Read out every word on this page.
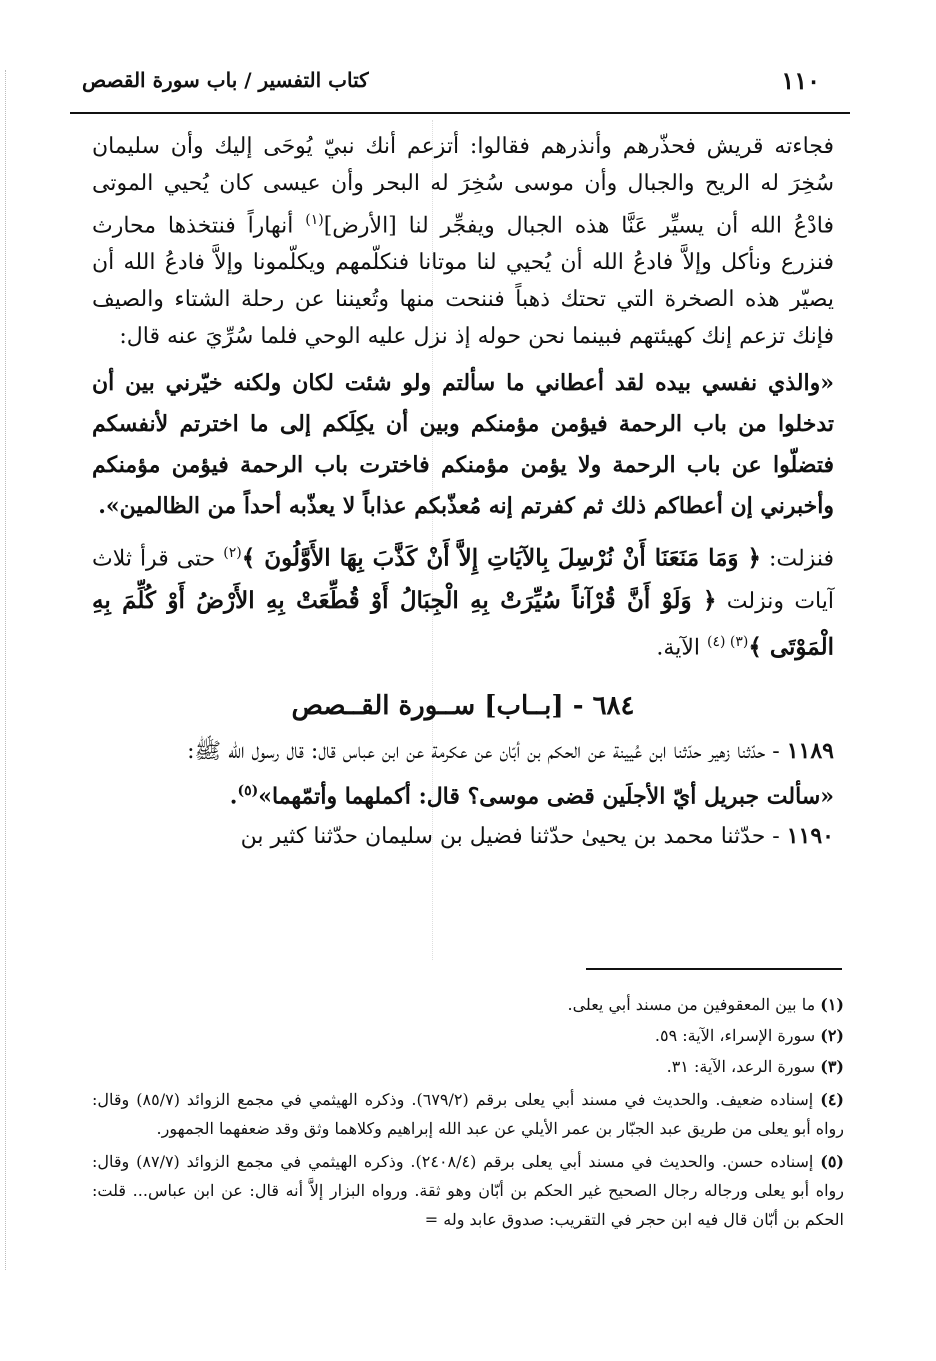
١١٠
كتاب التفسير / باب سورة القصص

فجاءته قريش فحذّرهم وأنذرهم فقالوا: أتزعم أنك نبيّ يُوحَى إليك وأن سليمان سُخِرَ له الريح والجبال وأن موسى سُخِرَ له البحر وأن عيسى كان يُحيي الموتى فادْعُ الله أن يسيِّر عَنَّا هذه الجبال ويفجِّر لنا [الأرض]$^{(١)}$ أنهاراً فنتخذها محارث فنزرع ونأكل وإلاَّ فادعُ الله أن يُحيي لنا موتانا فنكلّمهم ويكلّمونا وإلاَّ فادعُ الله أن يصيّر هذه الصخرة التي تحتك ذهباً فننحت منها وتُعيننا عن رحلة الشتاء والصيف فإنك تزعم إنك كهيئتهم فبينما نحن حوله إذ نزل عليه الوحي فلما سُرِّيَ عنه قال:

«والذي نفسي بيده لقد أعطاني ما سألتم ولو شئت لكان ولكنه خيّرني بين أن تدخلوا من باب الرحمة فيؤمن مؤمنكم وبين أن يكِلَكم إلى ما اخترتم لأنفسكم فتضلّوا عن باب الرحمة ولا يؤمن مؤمنكم فاخترت باب الرحمة فيؤمن مؤمنكم وأخبرني إن أعطاكم ذلك ثم كفرتم إنه مُعذّبكم عذاباً لا يعذّبه أحداً من الظالمين».

فنزلت: ﴿ وَمَا مَنَعَنَا أَنْ نُرْسِلَ بِالآيَاتِ إِلاَّ أَنْ كَذَّبَ بِهَا الأَوَّلُونَ ﴾$^{(٢)}$ حتى قرأ ثلاث آيات ونزلت ﴿ وَلَوْ أَنَّ قُرْآناً سُيِّرَتْ بِهِ الْجِبَالُ أَوْ قُطِّعَتْ بِهِ الأَرْضُ أَوْ كُلِّمَ بِهِ الْمَوْتَى ﴾$^{(٣) (٤)}$ الآية.

٦٨٤ - [بــاب] ســورة القــصص

١١٨٩ - حدّثنا زهير حدّثنا ابن عُيينة عن الحكم بن أبّان عن عكرمة عن ابن عباس قال: قال رسول الله ﷺ:

«سألت جبريل أيّ الأجلَين قضى موسى؟ قال: أكملهما وأتمّهما»$^{(٥)}$.

١١٩٠ - حدّثنا محمد بن يحيىٰ حدّثنا فضيل بن سليمان حدّثنا كثير بن

(١) ما بين المعقوفين من مسند أبي يعلى.

(٢) سورة الإسراء، الآية: ٥٩.

(٣) سورة الرعد، الآية: ٣١.

(٤) إسناده ضعيف. والحديث في مسند أبي يعلى برقم (٦٧٩/٢). وذكره الهيثمي في مجمع الزوائد (٨٥/٧) وقال: رواه أبو يعلى من طريق عبد الجبّار بن عمر الأيلي عن عبد الله إبراهيم وكلاهما وثق وقد ضعفهما الجمهور.

(٥) إسناده حسن. والحديث في مسند أبي يعلى برقم (٢٤٠٨/٤). وذكره الهيثمي في مجمع الزوائد (٨٧/٧) وقال: رواه أبو يعلى ورجاله رجال الصحيح غير الحكم بن أبّان وهو ثقة. ورواه البزار إلاَّ أنه قال: عن ابن عباس... قلت: الحكم بن أبّان قال فيه ابن حجر في التقريب: صدوق عابد وله =
